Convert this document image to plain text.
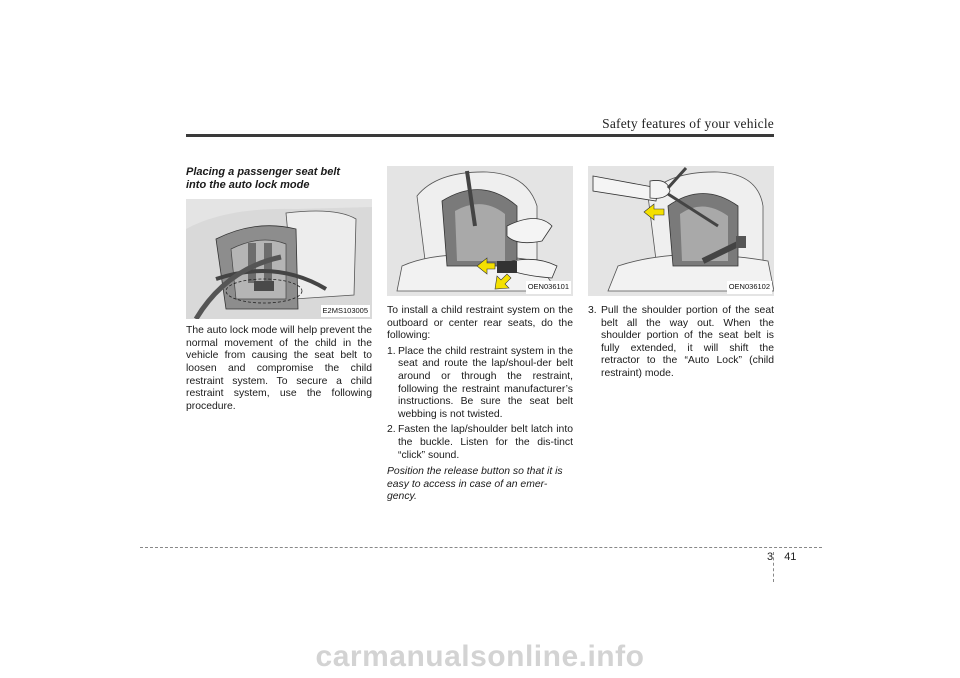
Safety features of your vehicle
Placing a passenger seat belt into the auto lock mode
E2MS103005
The auto lock mode will help prevent the normal movement of the child in the vehicle from causing the seat belt to loosen and compromise the child restraint system. To secure a child restraint system, use the following procedure.
OEN036101
To install a child restraint system on the outboard or center rear seats, do the following:
1. Place the child restraint system in the seat and route the lap/shoul-der belt around or through the restraint, following the restraint manufacturer’s instructions. Be sure the seat belt webbing is not twisted.
2. Fasten the lap/shoulder belt latch into the buckle. Listen for the dis-tinct “click” sound.
Position the release button so that it is easy to access in case of an emer-gency.
OEN036102
3. Pull the shoulder portion of the seat belt all the way out. When the shoulder portion of the seat belt is fully extended, it will shift the retractor to the “Auto Lock” (child restraint) mode.
3 41
carmanualsonline.info
